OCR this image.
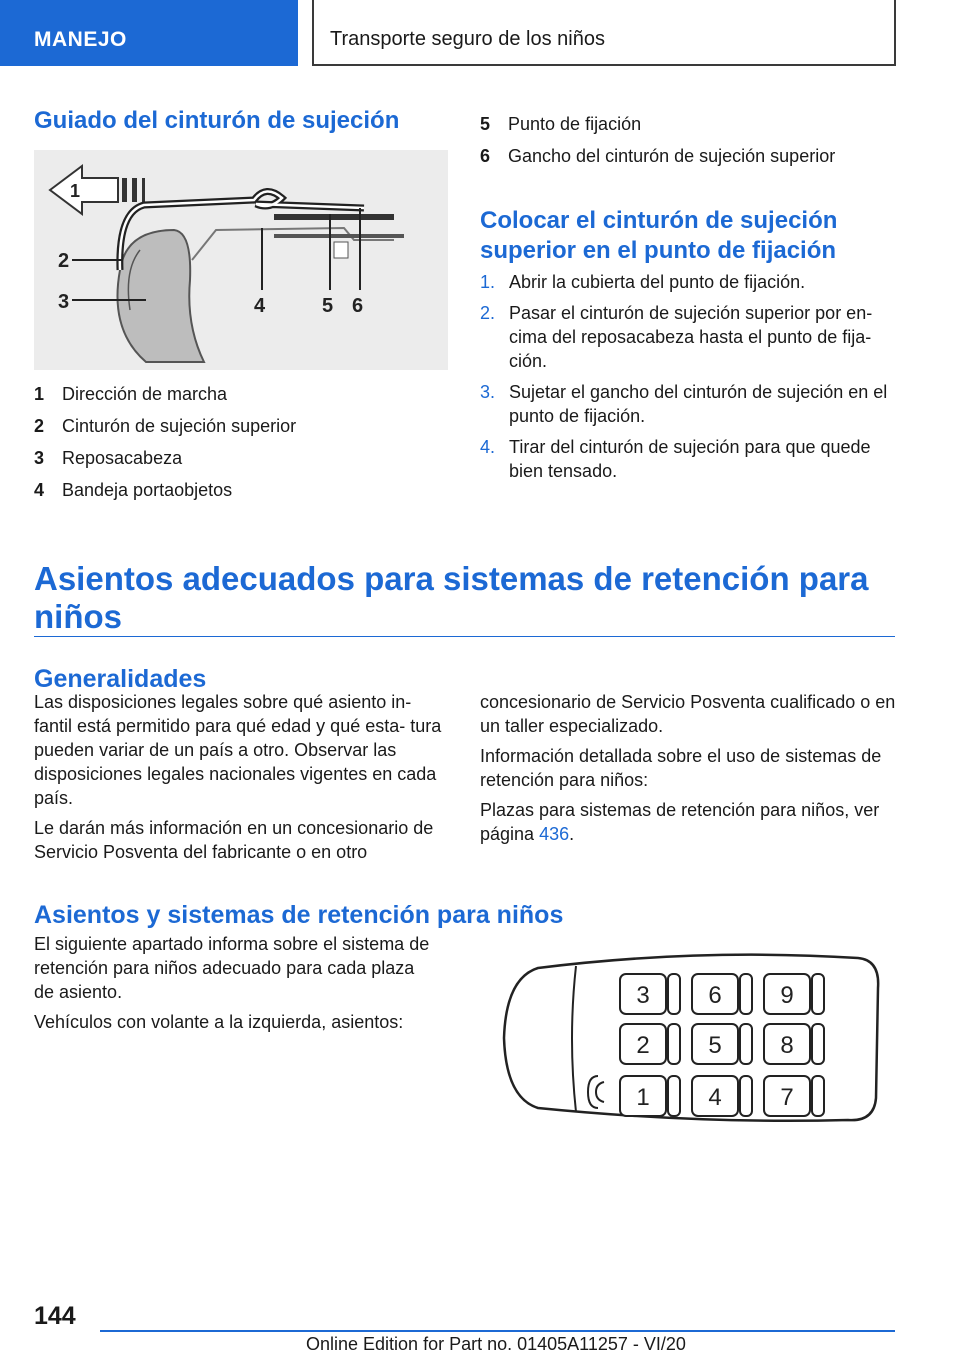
MANEJO	Transporte seguro de los niños
Guiado del cinturón de sujeción
2
3	4	5 6
1
1 Dirección de marcha
2 Cinturón de sujeción superior
3 Reposacabeza
4 Bandeja portaobjetos
5 Punto de fijación
6 Gancho del cinturón de sujeción superior
Colocar el cinturón de sujeción
superior en el punto de fijación
1. Abrir la cubierta del punto de fijación.
2. Pasar el cinturón de sujeción superior por en- cima del reposacabeza hasta el punto de fija- ción.
3. Sujetar el gancho del cinturón de sujeción en el punto de fijación.
4. Tirar del cinturón de sujeción para que quede bien tensado.
Asientos adecuados para sistemas de retención para
niños
Generalidades

Las disposiciones legales sobre qué asiento in- fantil está permitido para qué edad y qué esta- tura pueden variar de un país a otro. Observar las disposiciones legales nacionales vigentes en cada país.

Le darán más información en un concesionario de Servicio Posventa del fabricante o en otro

concesionario de Servicio Posventa cualificado o en un taller especializado.

Información detallada sobre el uso de sistemas de retención para niños:

Plazas para sistemas de retención para niños, ver página 436.

Asientos y sistemas de retención para niños

El siguiente apartado informa sobre el sistema de retención para niños adecuado para cada plaza de asiento.

Vehículos con volante a la izquierda, asientos:

3 6 9
2 5 8
1 4 7
144
Online Edition for Part no. 01405A11257 - VI/20
